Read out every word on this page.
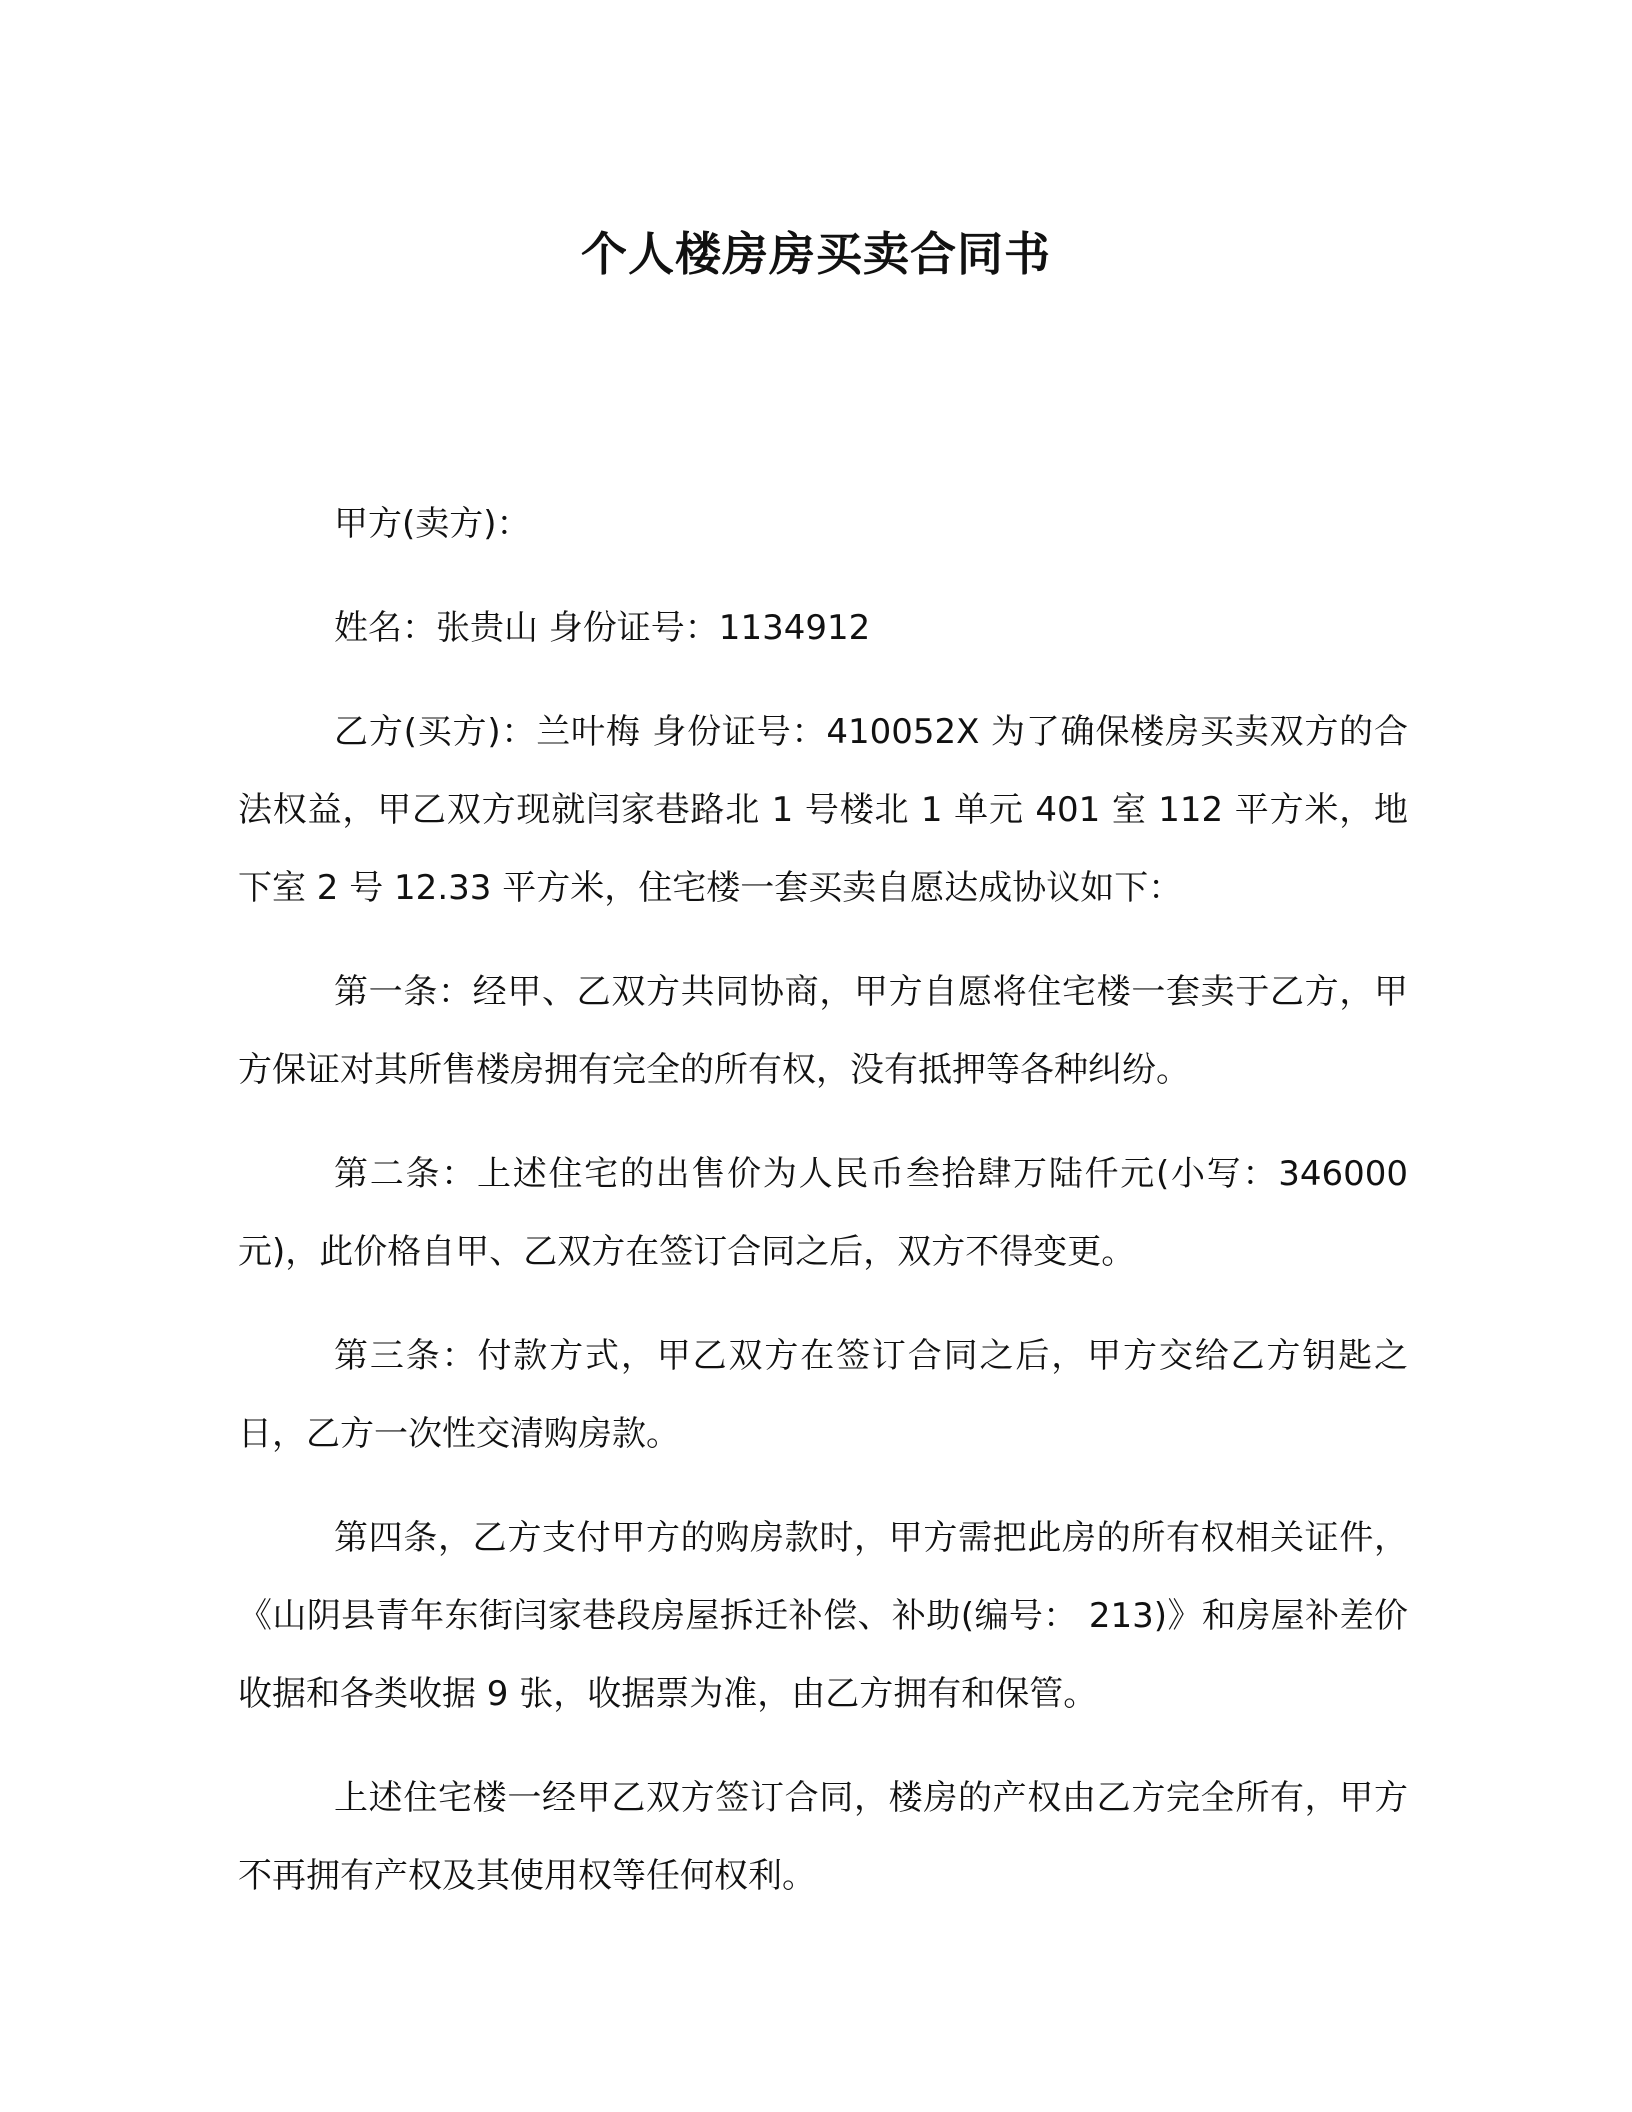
个人楼房房买卖合同书

甲方(卖方)：

姓名：张贵山 身份证号：1134912

乙方(买方)：兰叶梅 身份证号：410052X 为了确保楼房买卖双方的合法权益，甲乙双方现就闫家巷路北 1 号楼北 1 单元 401 室 112 平方米，地下室 2 号 12.33 平方米，住宅楼一套买卖自愿达成协议如下：

第一条：经甲、乙双方共同协商，甲方自愿将住宅楼一套卖于乙方，甲方保证对其所售楼房拥有完全的所有权，没有抵押等各种纠纷。

第二条：上述住宅的出售价为人民币叁拾肆万陆仟元(小写：346000 元)，此价格自甲、乙双方在签订合同之后，双方不得变更。

第三条：付款方式，甲乙双方在签订合同之后，甲方交给乙方钥匙之日，乙方一次性交清购房款。

第四条，乙方支付甲方的购房款时，甲方需把此房的所有权相关证件，《山阴县青年东街闫家巷段房屋拆迁补偿、补助(编号： 213)》和房屋补差价收据和各类收据 9 张，收据票为准，由乙方拥有和保管。

上述住宅楼一经甲乙双方签订合同，楼房的产权由乙方完全所有，甲方不再拥有产权及其使用权等任何权利。
